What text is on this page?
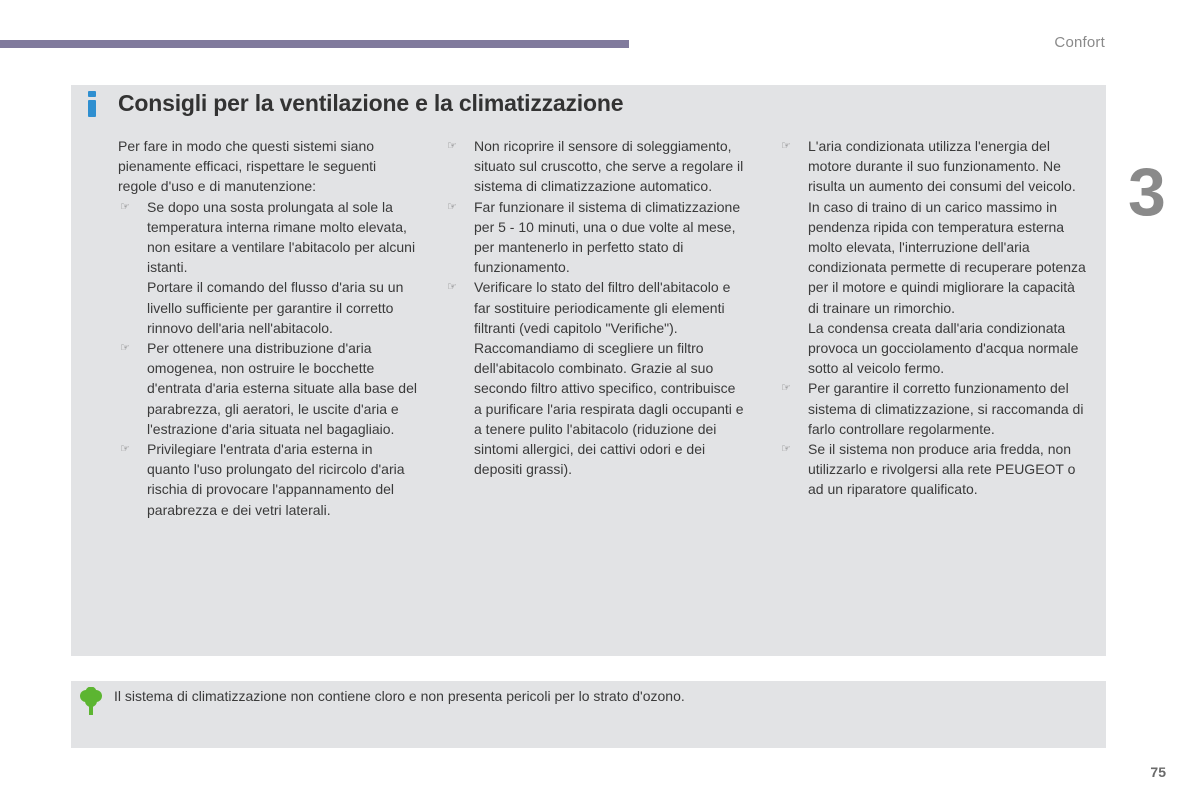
Confort
3
Consigli per la ventilazione e la climatizzazione

Per fare in modo che questi sistemi siano pienamente efficaci, rispettare le seguenti regole d'uso e di manutenzione:

☞ Se dopo una sosta prolungata al sole la temperatura interna rimane molto elevata, non esitare a ventilare l'abitacolo per alcuni istanti.

Portare il comando del flusso d'aria su un livello sufficiente per garantire il corretto rinnovo dell'aria nell'abitacolo.

☞ Per ottenere una distribuzione d'aria omogenea, non ostruire le bocchette d'entrata d'aria esterna situate alla base del parabrezza, gli aeratori, le uscite d'aria e l'estrazione d'aria situata nel bagagliaio.

☞ Privilegiare l'entrata d'aria esterna in quanto l'uso prolungato del ricircolo d'aria rischia di provocare l'appannamento del parabrezza e dei vetri laterali.

☞ Non ricoprire il sensore di soleggiamento, situato sul cruscotto, che serve a regolare il sistema di climatizzazione automatico.

☞ Far funzionare il sistema di climatizzazione per 5 - 10 minuti, una o due volte al mese, per mantenerlo in perfetto stato di funzionamento.

☞ Verificare lo stato del filtro dell'abitacolo e far sostituire periodicamente gli elementi filtranti (vedi capitolo "Verifiche").

Raccomandiamo di scegliere un filtro dell'abitacolo combinato. Grazie al suo secondo filtro attivo specifico, contribuisce a purificare l'aria respirata dagli occupanti e a tenere pulito l'abitacolo (riduzione dei sintomi allergici, dei cattivi odori e dei depositi grassi).

☞ L'aria condizionata utilizza l'energia del motore durante il suo funzionamento. Ne risulta un aumento dei consumi del veicolo.

In caso di traino di un carico massimo in pendenza ripida con temperatura esterna molto elevata, l'interruzione dell'aria condizionata permette di recuperare potenza per il motore e quindi migliorare la capacità di trainare un rimorchio.

La condensa creata dall'aria condizionata provoca un gocciolamento d'acqua normale sotto al veicolo fermo.

☞ Per garantire il corretto funzionamento del sistema di climatizzazione, si raccomanda di farlo controllare regolarmente.

☞ Se il sistema non produce aria fredda, non utilizzarlo e rivolgersi alla rete PEUGEOT o ad un riparatore qualificato.

Il sistema di climatizzazione non contiene cloro e non presenta pericoli per lo strato d'ozono.
75
